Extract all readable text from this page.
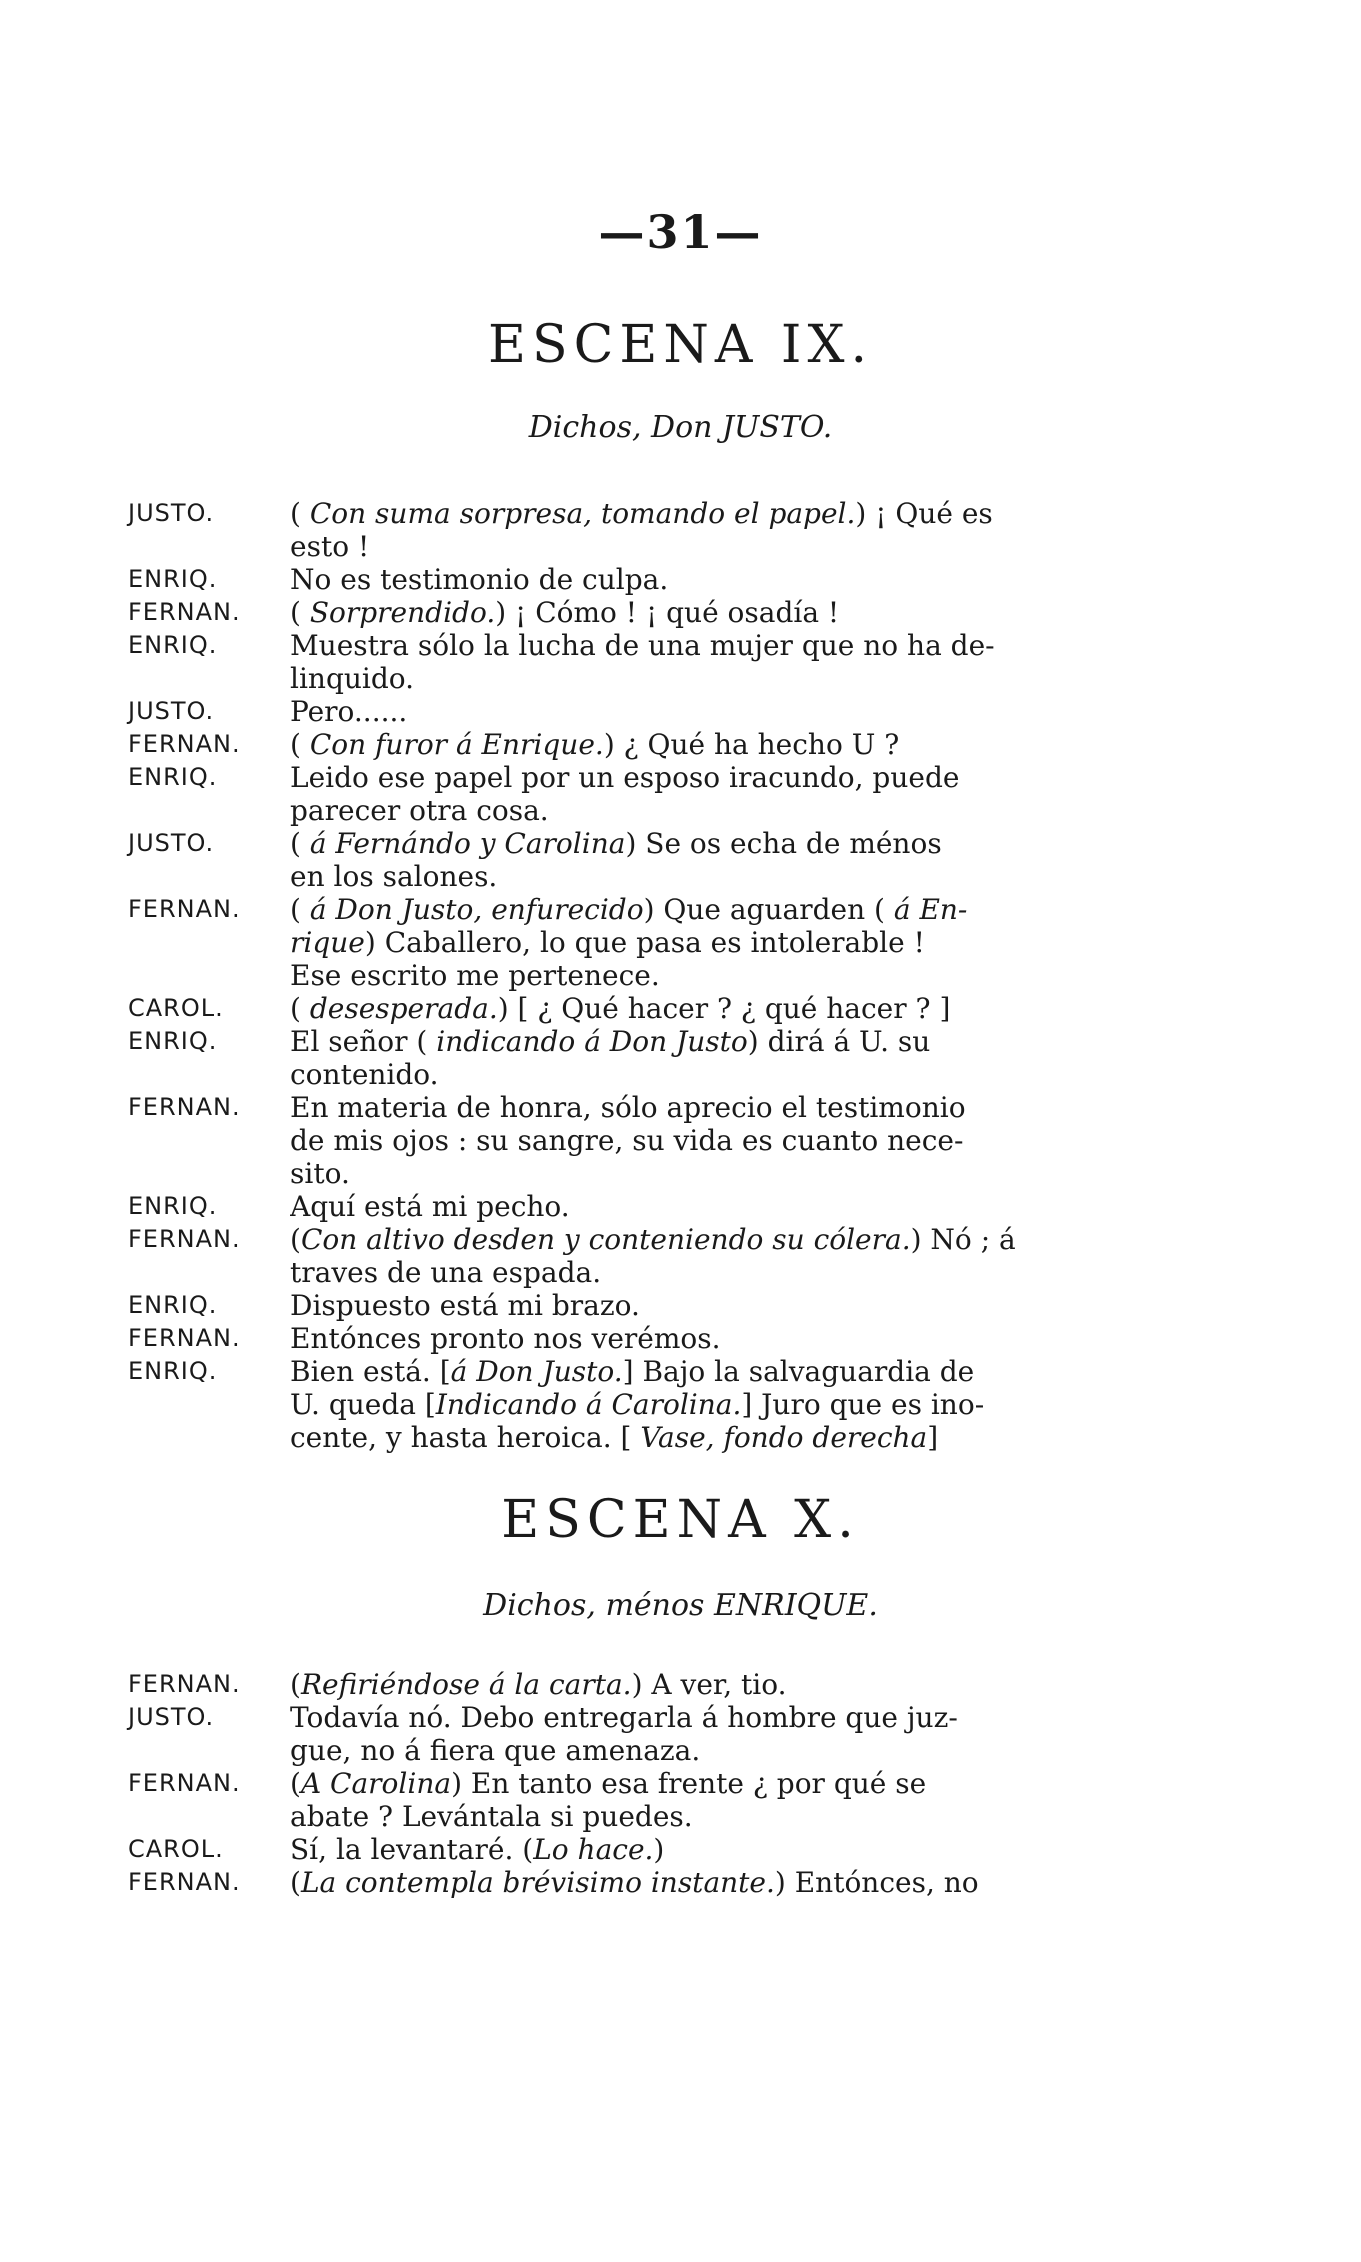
—31—
ESCENA IX.
Dichos, Don JUSTO.
JUSTO.	( Con suma sorpresa, tomando el papel.) ¡ Qué es
esto !
ENRIQ.	No es testimonio de culpa.
FERNAN.	( Sorprendido.) ¡ Cómo ! ¡ qué osadía !
ENRIQ.	Muestra sólo la lucha de una mujer que no ha de-
linquido.
JUSTO.	Pero......
FERNAN.	( Con furor á Enrique.) ¿ Qué ha hecho U ?
ENRIQ.	Leido ese papel por un esposo iracundo, puede
parecer otra cosa.
JUSTO.	( á Fernándo y Carolina) Se os echa de ménos
en los salones.
FERNAN.	( á Don Justo, enfurecido) Que aguarden ( á En-
rique) Caballero, lo que pasa es intolerable !
Ese escrito me pertenece.
CAROL.	( desesperada.) [ ¿ Qué hacer ? ¿ qué hacer ? ]
ENRIQ.	El señor ( indicando á Don Justo) dirá á U. su
contenido.
FERNAN.	En materia de honra, sólo aprecio el testimonio
de mis ojos : su sangre, su vida es cuanto nece-
sito.
ENRIQ.	Aquí está mi pecho.
FERNAN.	(Con altivo desden y conteniendo su cólera.) Nó ; á
traves de una espada.
ENRIQ.	Dispuesto está mi brazo.
FERNAN.	Entónces pronto nos verémos.
ENRIQ.	Bien está. [á Don Justo.] Bajo la salvaguardia de
U. queda [Indicando á Carolina.] Juro que es ino-
cente, y hasta heroica. [ Vase, fondo derecha]
ESCENA X.
Dichos, ménos ENRIQUE.
FERNAN.	(Refiriéndose á la carta.) A ver, tio.
JUSTO.	Todavía nó. Debo entregarla á hombre que juz-
gue, no á fiera que amenaza.
FERNAN.	(A Carolina) En tanto esa frente ¿ por qué se
abate ? Levántala si puedes.
CAROL.	Sí, la levantaré. (Lo hace.)
FERNAN.	(La contempla brévisimo instante.) Entónces, no
